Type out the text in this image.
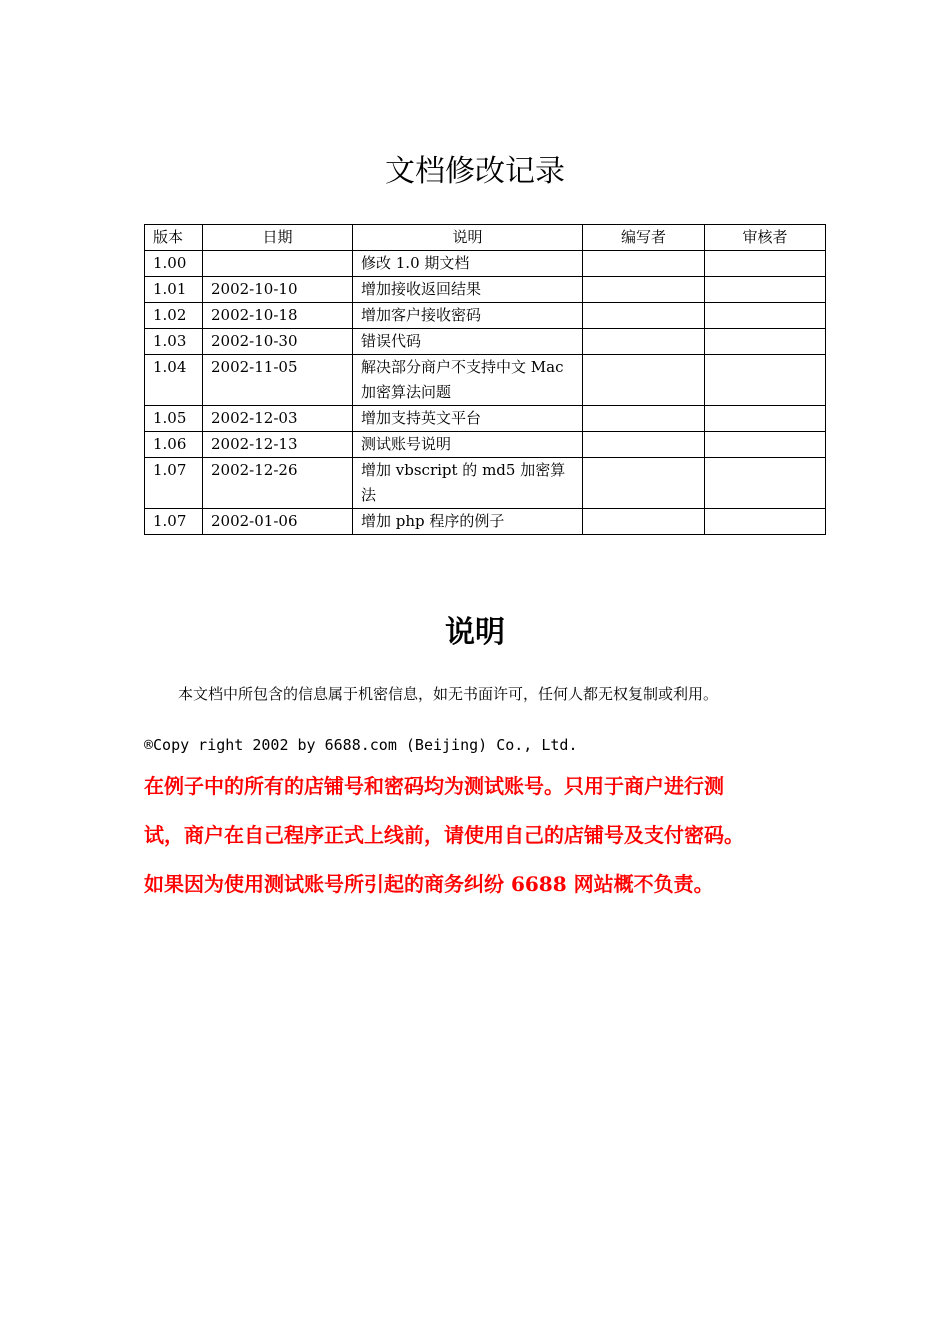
文档修改记录
版本	日期	说明	编写者	审核者
1.00		修改 1.0 期文档		
1.01	2002-10-10	增加接收返回结果		
1.02	2002-10-18	增加客户接收密码		
1.03	2002-10-30	错误代码		
1.04	2002-11-05	解决部分商户不支持中文 Mac 加密算法问题		
1.05	2002-12-03	增加支持英文平台		
1.06	2002-12-13	测试账号说明		
1.07	2002-12-26	增加 vbscript 的 md5 加密算法		
1.07	2002-01-06	增加 php 程序的例子		
说明

本文档中所包含的信息属于机密信息，如无书面许可，任何人都无权复制或利用。

®Copy right 2002 by 6688.com (Beijing) Co., Ltd.

在例子中的所有的店铺号和密码均为测试账号。只用于商户进行测
试，商户在自己程序正式上线前，请使用自己的店铺号及支付密码。
如果因为使用测试账号所引起的商务纠纷 6688 网站概不负责。
